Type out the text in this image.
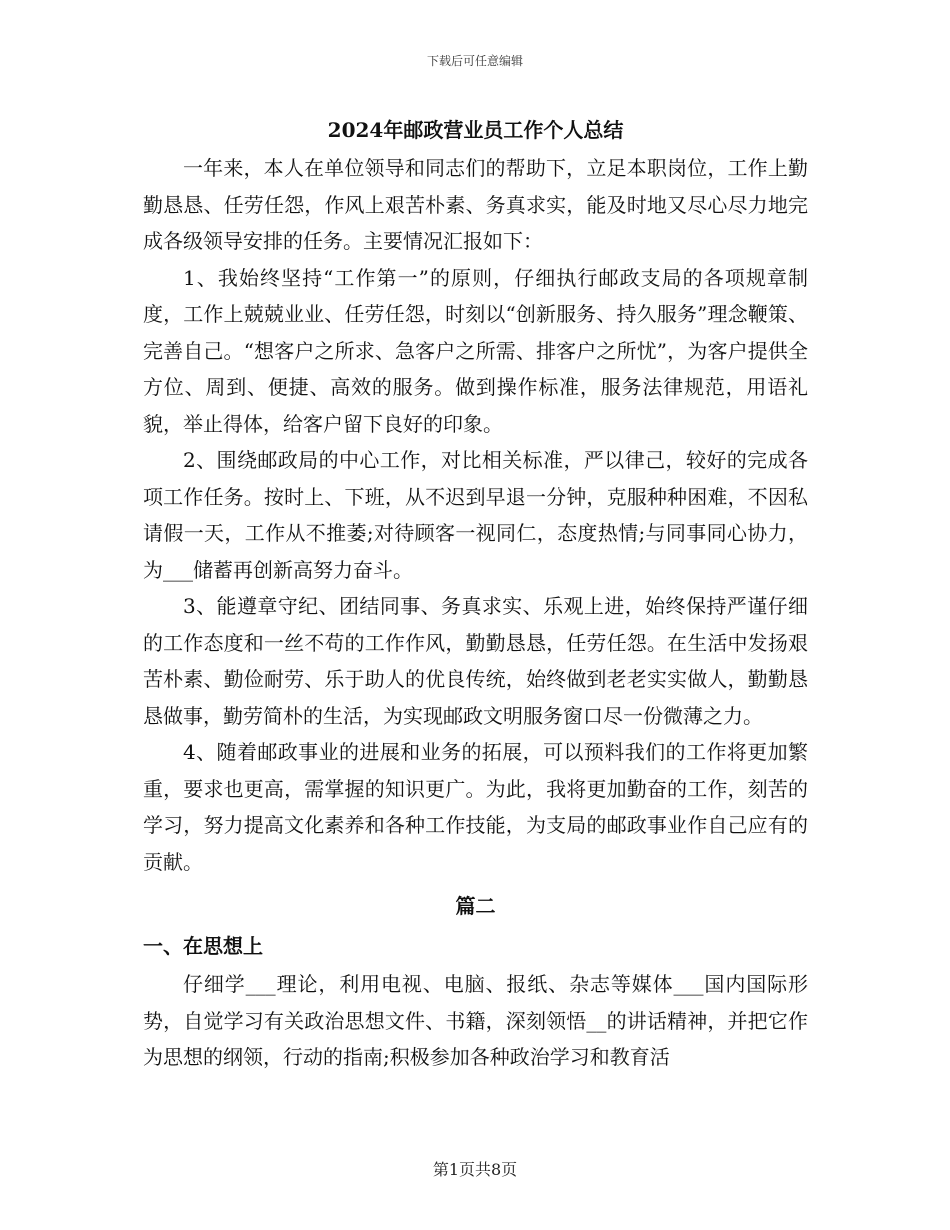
下载后可任意编辑
2024年邮政营业员工作个人总结

一年来，本人在单位领导和同志们的帮助下，立足本职岗位，工作上勤勤恳恳、任劳任怨，作风上艰苦朴素、务真求实，能及时地又尽心尽力地完成各级领导安排的任务。主要情况汇报如下：

1、我始终坚持“工作第一”的原则，仔细执行邮政支局的各项规章制度，工作上兢兢业业、任劳任怨，时刻以“创新服务、持久服务”理念鞭策、完善自己。“想客户之所求、急客户之所需、排客户之所忧”，为客户提供全方位、周到、便捷、高效的服务。做到操作标准，服务法律规范，用语礼貌，举止得体，给客户留下良好的印象。

2、围绕邮政局的中心工作，对比相关标准，严以律己，较好的完成各项工作任务。按时上、下班，从不迟到早退一分钟，克服种种困难，不因私请假一天，工作从不推萎;对待顾客一视同仁，态度热情;与同事同心协力，为___储蓄再创新高努力奋斗。

3、能遵章守纪、团结同事、务真求实、乐观上进，始终保持严谨仔细的工作态度和一丝不苟的工作作风，勤勤恳恳，任劳任怨。在生活中发扬艰苦朴素、勤俭耐劳、乐于助人的优良传统，始终做到老老实实做人，勤勤恳恳做事，勤劳简朴的生活，为实现邮政文明服务窗口尽一份微薄之力。

4、随着邮政事业的进展和业务的拓展，可以预料我们的工作将更加繁重，要求也更高，需掌握的知识更广。为此，我将更加勤奋的工作，刻苦的学习，努力提高文化素养和各种工作技能，为支局的邮政事业作自己应有的贡献。

篇二
一、在思想上

仔细学___理论，利用电视、电脑、报纸、杂志等媒体___国内国际形势，自觉学习有关政治思想文件、书籍，深刻领悟__的讲话精神，并把它作为思想的纲领，行动的指南;积极参加各种政治学习和教育活

第1页共8页
